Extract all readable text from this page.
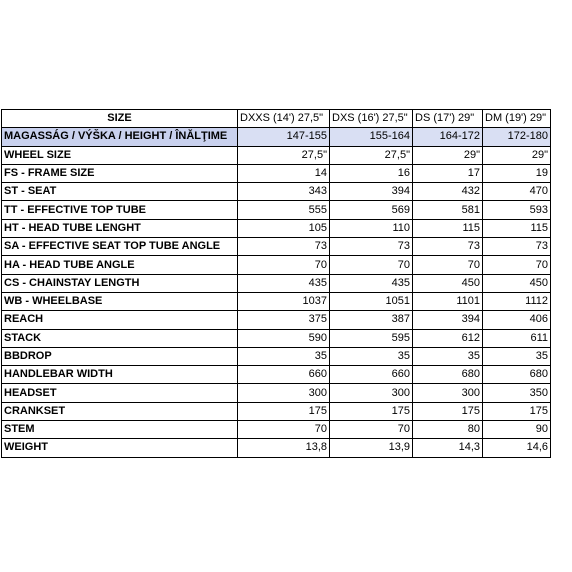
SIZE	DXXS (14') 27,5"	DXS (16') 27,5"	DS (17') 29"	DM (19') 29"
MAGASSÁG / VÝŠKA / HEIGHT / ÎNĂLŢIME	147-155	155-164	164-172	172-180
WHEEL SIZE	27,5"	27,5"	29"	29"
FS - FRAME SIZE	14	16	17	19
ST - SEAT	343	394	432	470
TT - EFFECTIVE TOP TUBE	555	569	581	593
HT - HEAD TUBE LENGHT	105	110	115	115
SA - EFFECTIVE SEAT TOP TUBE ANGLE	73	73	73	73
HA - HEAD TUBE ANGLE	70	70	70	70
CS - CHAINSTAY LENGTH	435	435	450	450
WB - WHEELBASE	1037	1051	1101	1112
REACH	375	387	394	406
STACK	590	595	612	611
BBDROP	35	35	35	35
HANDLEBAR WIDTH	660	660	680	680
HEADSET	300	300	300	350
CRANKSET	175	175	175	175
STEM	70	70	80	90
WEIGHT	13,8	13,9	14,3	14,6
